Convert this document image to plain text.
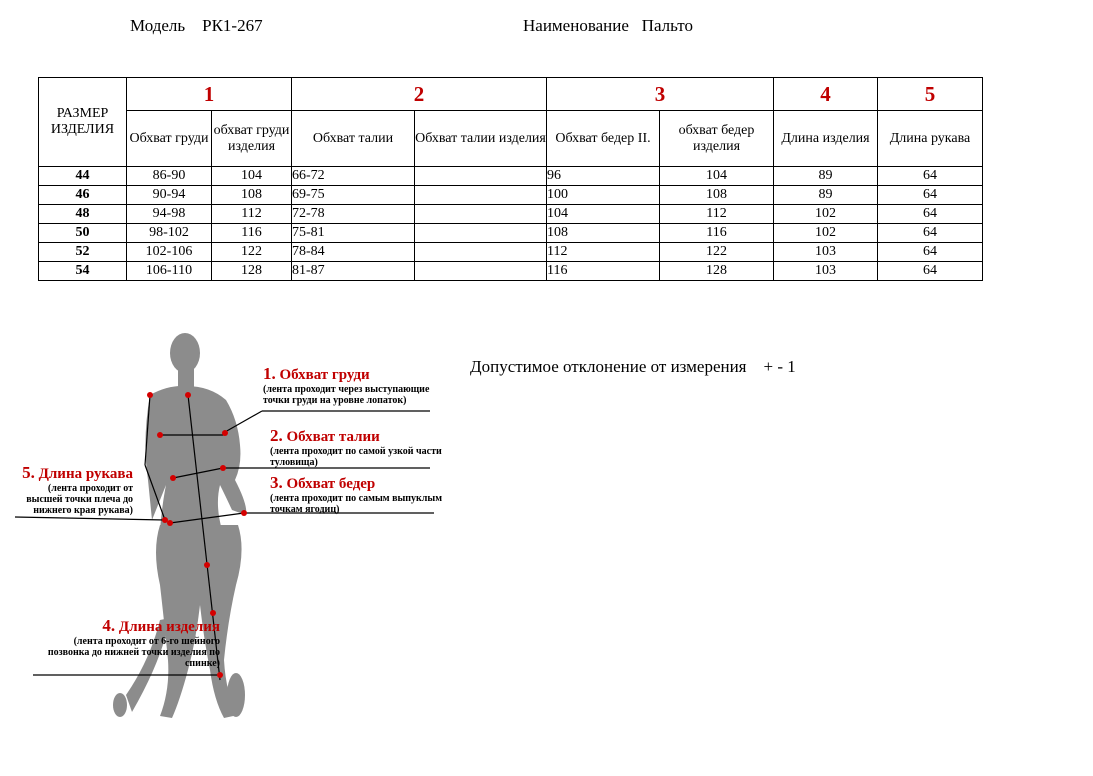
Модель РК1-267	Наименование Пальто
РАЗМЕР ИЗДЕЛИЯ	1		2		3		4	5
	Обхват груди	обхват груди изделия	Обхват талии	Обхват талии изделия	Обхват бедер II.	обхват бедер изделия	Длина изделия	Длина рукава
44	86-90	104	66-72		96	104	89	64
46	90-94	108	69-75		100	108	89	64
48	94-98	112	72-78		104	112	102	64
50	98-102	116	75-81		108	116	102	64
52	102-106	122	78-84		112	122	103	64
54	106-110	128	81-87		116	128	103	64
Допустимое отклонение от измерения + - 1
1. Обхват груди
(лента проходит через выступающие точки груди на уровне лопаток)
2. Обхват талии
(лента проходит по самой узкой части туловища)
3. Обхват бедер
(лента проходит по самым выпуклым точкам ягодиц)
4. Длина изделия
(лента проходит от 6-го шейного позвонка до нижней точки изделия по спинке)
5. Длина рукава
(лента проходит от высшей точки плеча до нижнего края рукава)
